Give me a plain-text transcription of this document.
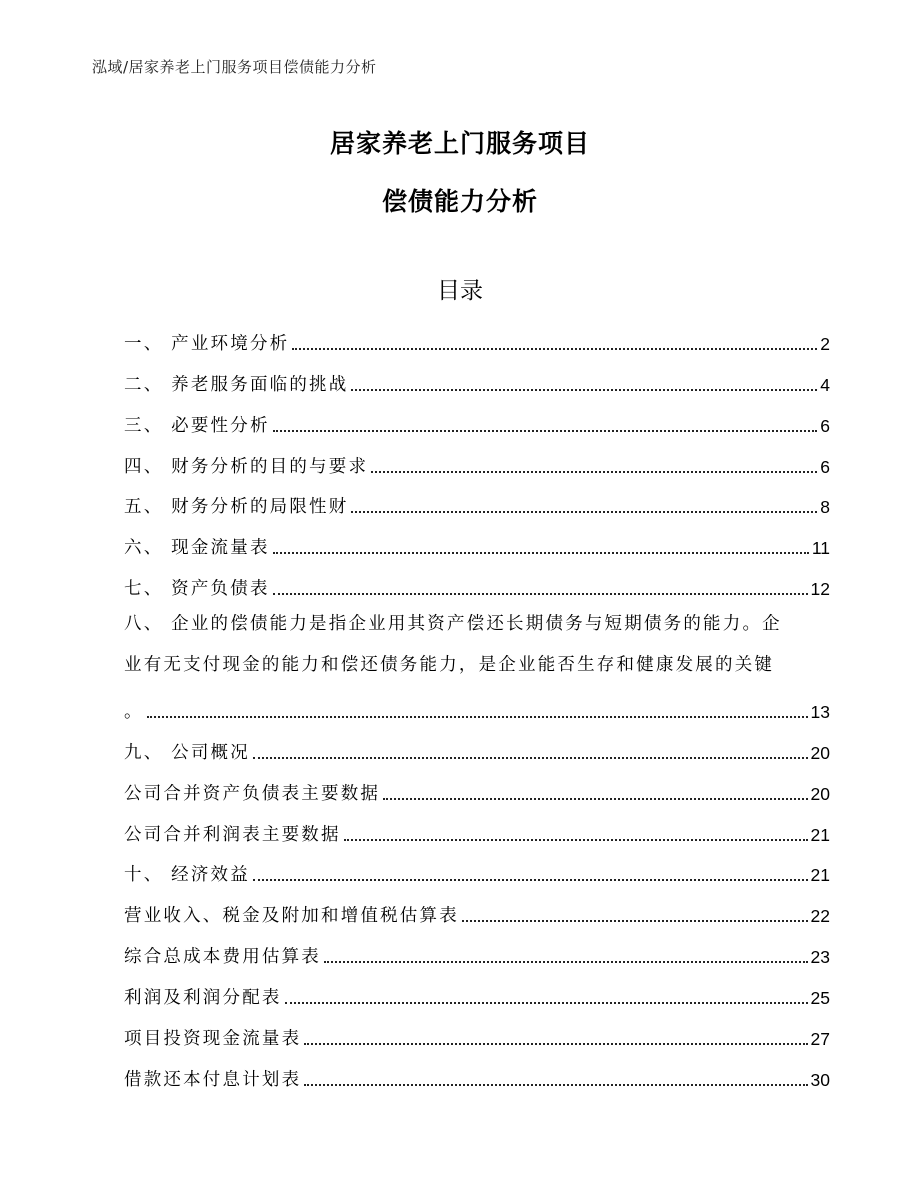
泓域/居家养老上门服务项目偿债能力分析
居家养老上门服务项目
偿债能力分析
目录
一、 产业环境分析	2
二、 养老服务面临的挑战	4
三、 必要性分析	6
四、 财务分析的目的与要求	6
五、 财务分析的局限性财	8
六、 现金流量表	11
七、 资产负债表	12
八、 企业的偿债能力是指企业用其资产偿还长期债务与短期债务的能力。企
业有无支付现金的能力和偿还债务能力，是企业能否生存和健康发展的关键
。	13
九、 公司概况	20
公司合并资产负债表主要数据	20
公司合并利润表主要数据	21
十、 经济效益	21
营业收入、税金及附加和增值税估算表	22
综合总成本费用估算表	23
利润及利润分配表	25
项目投资现金流量表	27
借款还本付息计划表	30
